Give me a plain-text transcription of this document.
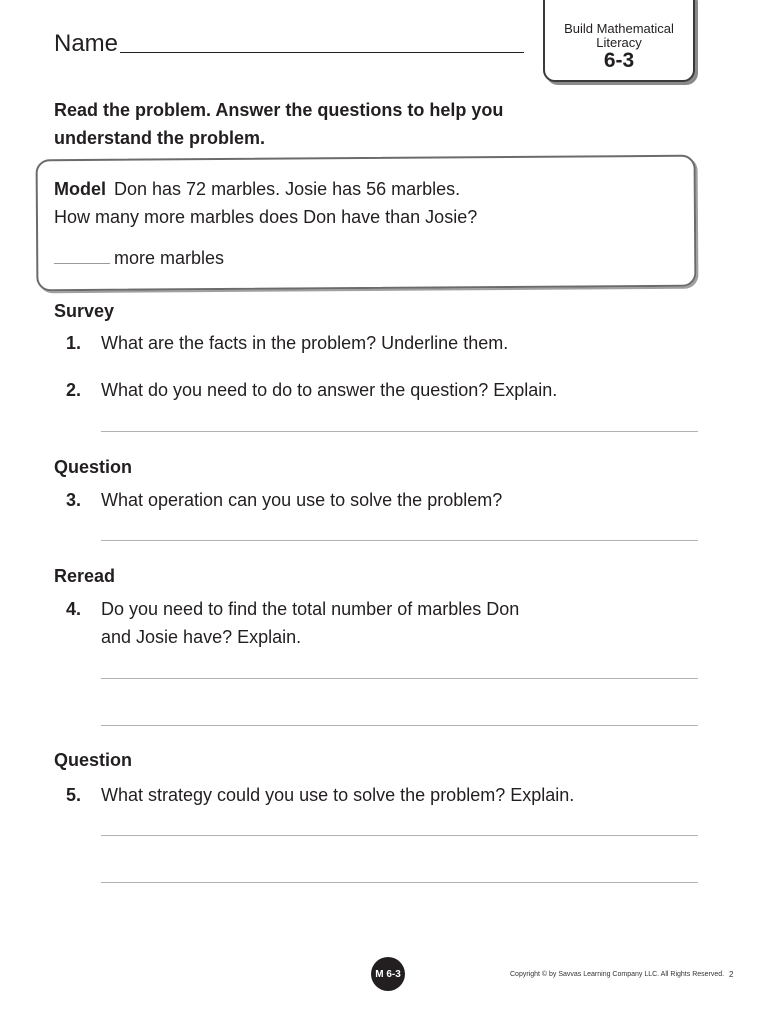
Name
Build Mathematical
Literacy
6-3
Read the problem. Answer the questions to help you
understand the problem.
Model Don has 72 marbles. Josie has 56 marbles.
How many more marbles does Don have than Josie?
more marbles
Survey
1. What are the facts in the problem? Underline them.
2. What do you need to do to answer the question? Explain.
Question
3. What operation can you use to solve the problem?
Reread
4. Do you need to find the total number of marbles Don
and Josie have? Explain.
Question
5. What strategy could you use to solve the problem? Explain.
M 6-3	Copyright © by Savvas Learning Company LLC. All Rights Reserved. 2
